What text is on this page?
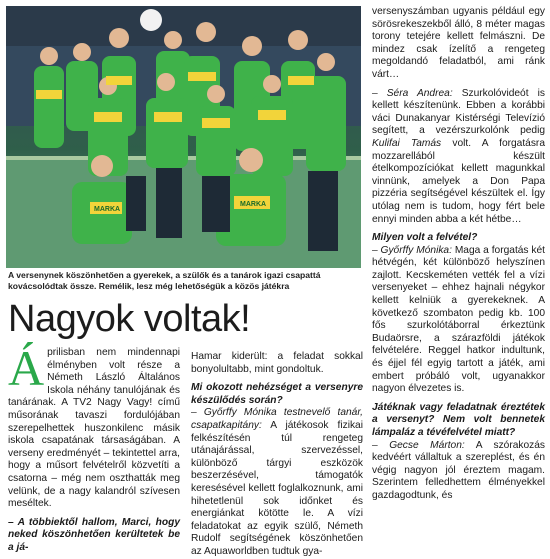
MARKA
MARKA
A versenynek köszönhetően a gyerekek, a szülők és a tanárok igazi csapattá kovácsolódtak össze. Remélik, lesz még lehetőségük a közös játékra
Nagyok voltak!

Á prilisban nem mindennapi élményben volt része a Németh László Általános Iskola néhány tanulójának és tanárának. A TV2 Nagy Vagy! című műsorának tavaszi fordulójában szerepelhettek huszonkilenc másik iskola csapatának társaságában. A verseny eredményét – tekintettel arra, hogy a műsort felvételről közvetíti a csatorna – még nem oszthatták meg velünk, de a nagy kalandról szívesen meséltek.

– A többiektől hallom, Marci, hogy neked köszönhetően kerültetek be a já-

Hamar kiderült: a feladat sokkal bonyolultabb, mint gondoltuk.

Mi okozott nehézséget a versenyre készülődés során?

– Győrffy Mónika testnevelő tanár, csapatkapitány: A játékosok fizikai felkészítésén túl rengeteg utánajárással, szervezéssel, különböző tárgyi eszközök beszerzésével, támogatók keresésével kellett foglalkoznunk, ami hihetetlenül sok időnket és energiánkat kötötte le. A vízi feladatokat az egyik szülő, Németh Rudolf segítségének köszönhetően az Aquaworldben tudtuk gya-

versenyszámban ugyanis például egy sörösrekeszekből álló, 8 méter magas torony tetejére kellett felmászni. De mindez csak ízelítő a rengeteg megoldandó feladatból, ami ránk várt…

– Séra Andrea: Szurkolóvideót is kellett készítenünk. Ebben a korábbi váci Dunakanyar Kistérségi Televízió segített, a vezérszurkolónk pedig Kulifai Tamás volt. A forgatásra mozzarellából készült ételkompozíciókat kellett magunkkal vinnünk, amelyek a Don Papa pizzéria segítségével készültek el. Így utólag nem is tudom, hogy fért bele ennyi minden abba a két hétbe…

Milyen volt a felvétel?

– Győrffy Mónika: Maga a forgatás két hétvégén, két különböző helyszínen zajlott. Kecskeméten vették fel a vízi versenyeket – ehhez hajnali négykor kellett kelniük a gyerekeknek. A következő szombaton pedig kb. 100 fős szurkolótáborral érkeztünk Budaörsre, a szárazföldi játékok felvételére. Reggel hatkor indultunk, és éjjel fél egyig tartott a játék, ami embert próbáló volt, ugyanakkor nagyon élvezetes is.

Játéknak vagy feladatnak éreztétek a versenyt? Nem volt bennetek lámpaláz a tévéfelvétel miatt?

– Gecse Márton: A szórakozás kedvéért vállaltuk a szereplést, és én végig nagyon jól éreztem magam. Szerintem felledhettem élményekkel gazdagodtunk, és
